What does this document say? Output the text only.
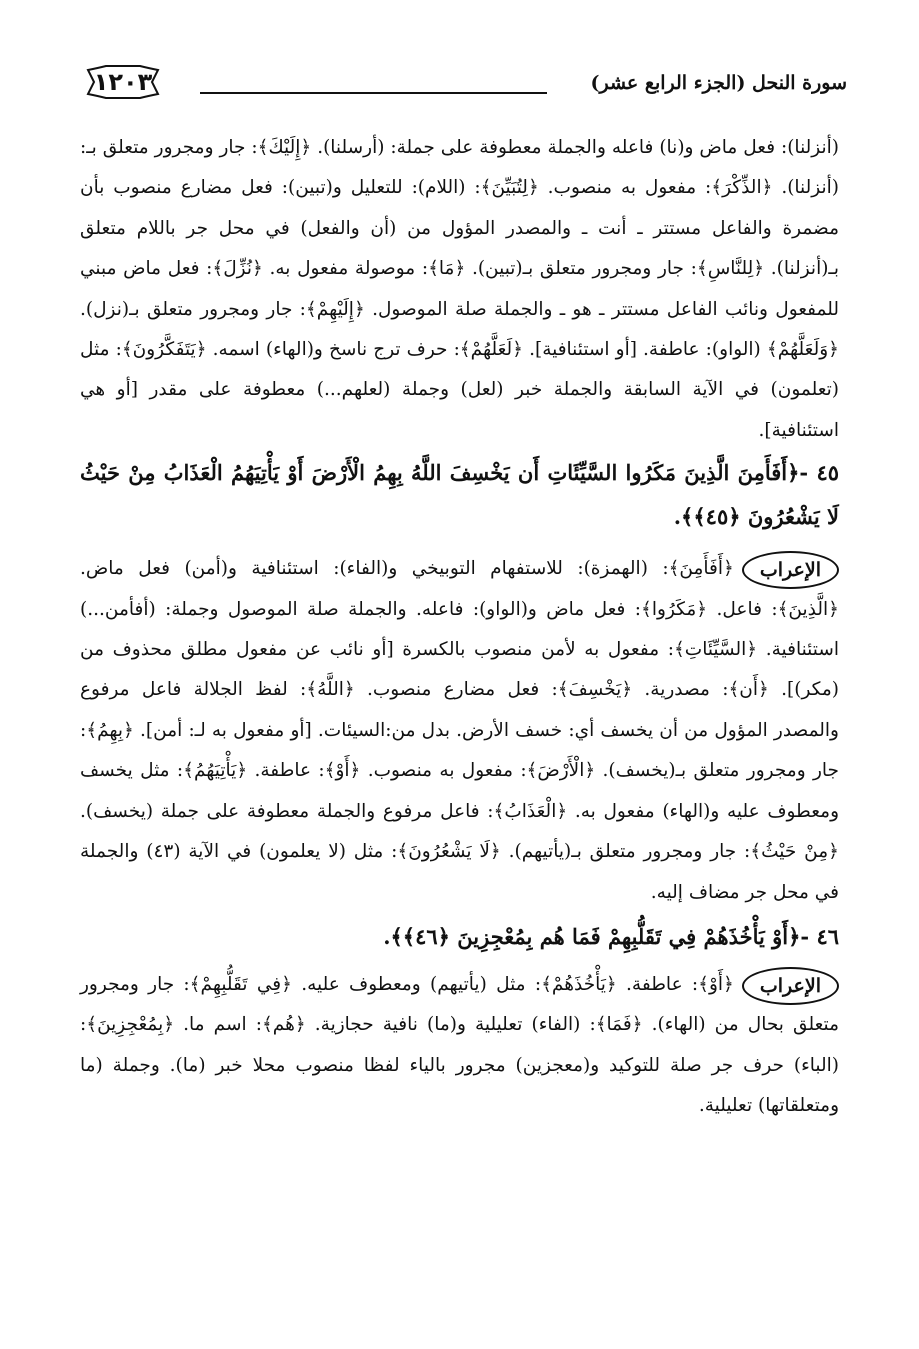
١٢٠٣	سورة النحل (الجزء الرابع عشر)

(أنزلنا): فعل ماض و(نا) فاعله والجملة معطوفة على جملة: (أرسلنا). ﴿إِلَيْكَ﴾: جار ومجرور متعلق بـ: (أنزلنا). ﴿الذِّكْرَ﴾: مفعول به منصوب. ﴿لِتُبَيِّنَ﴾: (اللام): للتعليل و(تبين): فعل مضارع منصوب بأن مضمرة والفاعل مستتر ـ أنت ـ والمصدر المؤول من (أن والفعل) في محل جر باللام متعلق بـ(أنزلنا). ﴿لِلنَّاسِ﴾: جار ومجرور متعلق بـ(تبين). ﴿مَا﴾: موصولة مفعول به. ﴿نُزِّلَ﴾: فعل ماض مبني للمفعول ونائب الفاعل مستتر ـ هو ـ والجملة صلة الموصول. ﴿إِلَيْهِمْ﴾: جار ومجرور متعلق بـ(نزل). ﴿وَلَعَلَّهُمْ﴾ (الواو): عاطفة. [أو استئنافية]. ﴿لَعَلَّهُمْ﴾: حرف ترج ناسخ و(الهاء) اسمه. ﴿يَتَفَكَّرُونَ﴾: مثل (تعلمون) في الآية السابقة والجملة خبر (لعل) وجملة (لعلهم...) معطوفة على مقدر [أو هي استئنافية].

٤٥ -﴿أَفَأَمِنَ الَّذِينَ مَكَرُوا السَّيِّئَاتِ أَن يَخْسِفَ اللَّهُ بِهِمُ الْأَرْضَ أَوْ يَأْتِيَهُمُ الْعَذَابُ مِنْ حَيْثُ لَا يَشْعُرُونَ ﴿٤٥﴾﴾.

الإعراب

﴿أَفَأَمِنَ﴾: (الهمزة): للاستفهام التوبيخي و(الفاء): استئنافية و(أمن) فعل ماض. ﴿الَّذِينَ﴾: فاعل. ﴿مَكَرُوا﴾: فعل ماض و(الواو): فاعله. والجملة صلة الموصول وجملة: (أفأمن...) استئنافية. ﴿السَّيِّئَاتِ﴾: مفعول به لأمن منصوب بالكسرة [أو نائب عن مفعول مطلق محذوف من (مكر)]. ﴿أَن﴾: مصدرية. ﴿يَخْسِفَ﴾: فعل مضارع منصوب. ﴿اللَّهُ﴾: لفظ الجلالة فاعل مرفوع والمصدر المؤول من أن يخسف أي: خسف الأرض. بدل من:السيئات. [أو مفعول به لـ: أمن]. ﴿بِهِمُ﴾: جار ومجرور متعلق بـ(يخسف). ﴿الْأَرْضَ﴾: مفعول به منصوب. ﴿أَوْ﴾: عاطفة. ﴿يَأْتِيَهُمُ﴾: مثل يخسف ومعطوف عليه و(الهاء) مفعول به. ﴿الْعَذَابُ﴾: فاعل مرفوع والجملة معطوفة على جملة (يخسف). ﴿مِنْ حَيْثُ﴾: جار ومجرور متعلق بـ(يأتيهم). ﴿لَا يَشْعُرُونَ﴾: مثل (لا يعلمون) في الآية (٤٣) والجملة في محل جر مضاف إليه.

٤٦ -﴿أَوْ يَأْخُذَهُمْ فِي تَقَلُّبِهِمْ فَمَا هُم بِمُعْجِزِينَ ﴿٤٦﴾﴾.

الإعراب

﴿أَوْ﴾: عاطفة. ﴿يَأْخُذَهُمْ﴾: مثل (يأتيهم) ومعطوف عليه. ﴿فِي تَقَلُّبِهِمْ﴾: جار ومجرور متعلق بحال من (الهاء). ﴿فَمَا﴾: (الفاء) تعليلية و(ما) نافية حجازية. ﴿هُم﴾: اسم ما. ﴿بِمُعْجِزِينَ﴾: (الباء) حرف جر صلة للتوكيد و(معجزين) مجرور بالياء لفظا منصوب محلا خبر (ما). وجملة (ما ومتعلقاتها) تعليلية.
